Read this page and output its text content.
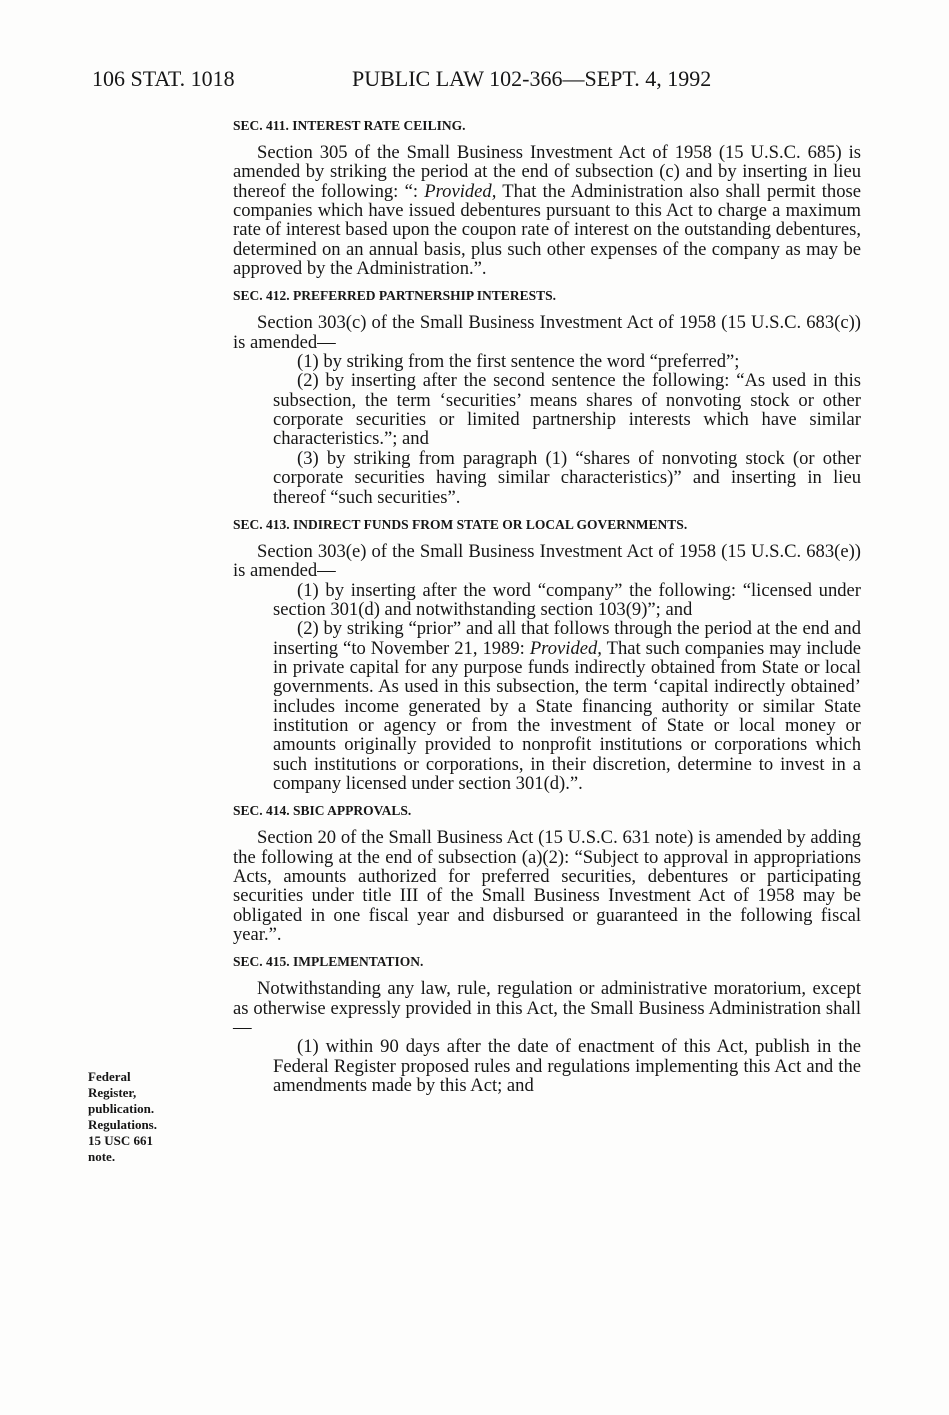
106 STAT. 1018	PUBLIC LAW 102-366—SEPT. 4, 1992
Federal
Register,
publication.
Regulations.
15 USC 661
note.
SEC. 411. INTEREST RATE CEILING.

Section 305 of the Small Business Investment Act of 1958 (15 U.S.C. 685) is amended by striking the period at the end of subsection (c) and by inserting in lieu thereof the following: “: Provided, That the Administration also shall permit those companies which have issued debentures pursuant to this Act to charge a maximum rate of interest based upon the coupon rate of interest on the outstanding debentures, determined on an annual basis, plus such other expenses of the company as may be approved by the Administration.”.

SEC. 412. PREFERRED PARTNERSHIP INTERESTS.

Section 303(c) of the Small Business Investment Act of 1958 (15 U.S.C. 683(c)) is amended—

(1) by striking from the first sentence the word “preferred”;

(2) by inserting after the second sentence the following: “As used in this subsection, the term ‘securities’ means shares of nonvoting stock or other corporate securities or limited partnership interests which have similar characteristics.”; and

(3) by striking from paragraph (1) “shares of nonvoting stock (or other corporate securities having similar characteristics)” and inserting in lieu thereof “such securities”.

SEC. 413. INDIRECT FUNDS FROM STATE OR LOCAL GOVERNMENTS.

Section 303(e) of the Small Business Investment Act of 1958 (15 U.S.C. 683(e)) is amended—

(1) by inserting after the word “company” the following: “licensed under section 301(d) and notwithstanding section 103(9)”; and

(2) by striking “prior” and all that follows through the period at the end and inserting “to November 21, 1989: Provided, That such companies may include in private capital for any purpose funds indirectly obtained from State or local governments. As used in this subsection, the term ‘capital indirectly obtained’ includes income generated by a State financing authority or similar State institution or agency or from the investment of State or local money or amounts originally provided to nonprofit institutions or corporations which such institutions or corporations, in their discretion, determine to invest in a company licensed under section 301(d).”.

SEC. 414. SBIC APPROVALS.

Section 20 of the Small Business Act (15 U.S.C. 631 note) is amended by adding the following at the end of subsection (a)(2): “Subject to approval in appropriations Acts, amounts authorized for preferred securities, debentures or participating securities under title III of the Small Business Investment Act of 1958 may be obligated in one fiscal year and disbursed or guaranteed in the following fiscal year.”.

SEC. 415. IMPLEMENTATION.

Notwithstanding any law, rule, regulation or administrative moratorium, except as otherwise expressly provided in this Act, the Small Business Administration shall—

(1) within 90 days after the date of enactment of this Act, publish in the Federal Register proposed rules and regulations implementing this Act and the amendments made by this Act; and
